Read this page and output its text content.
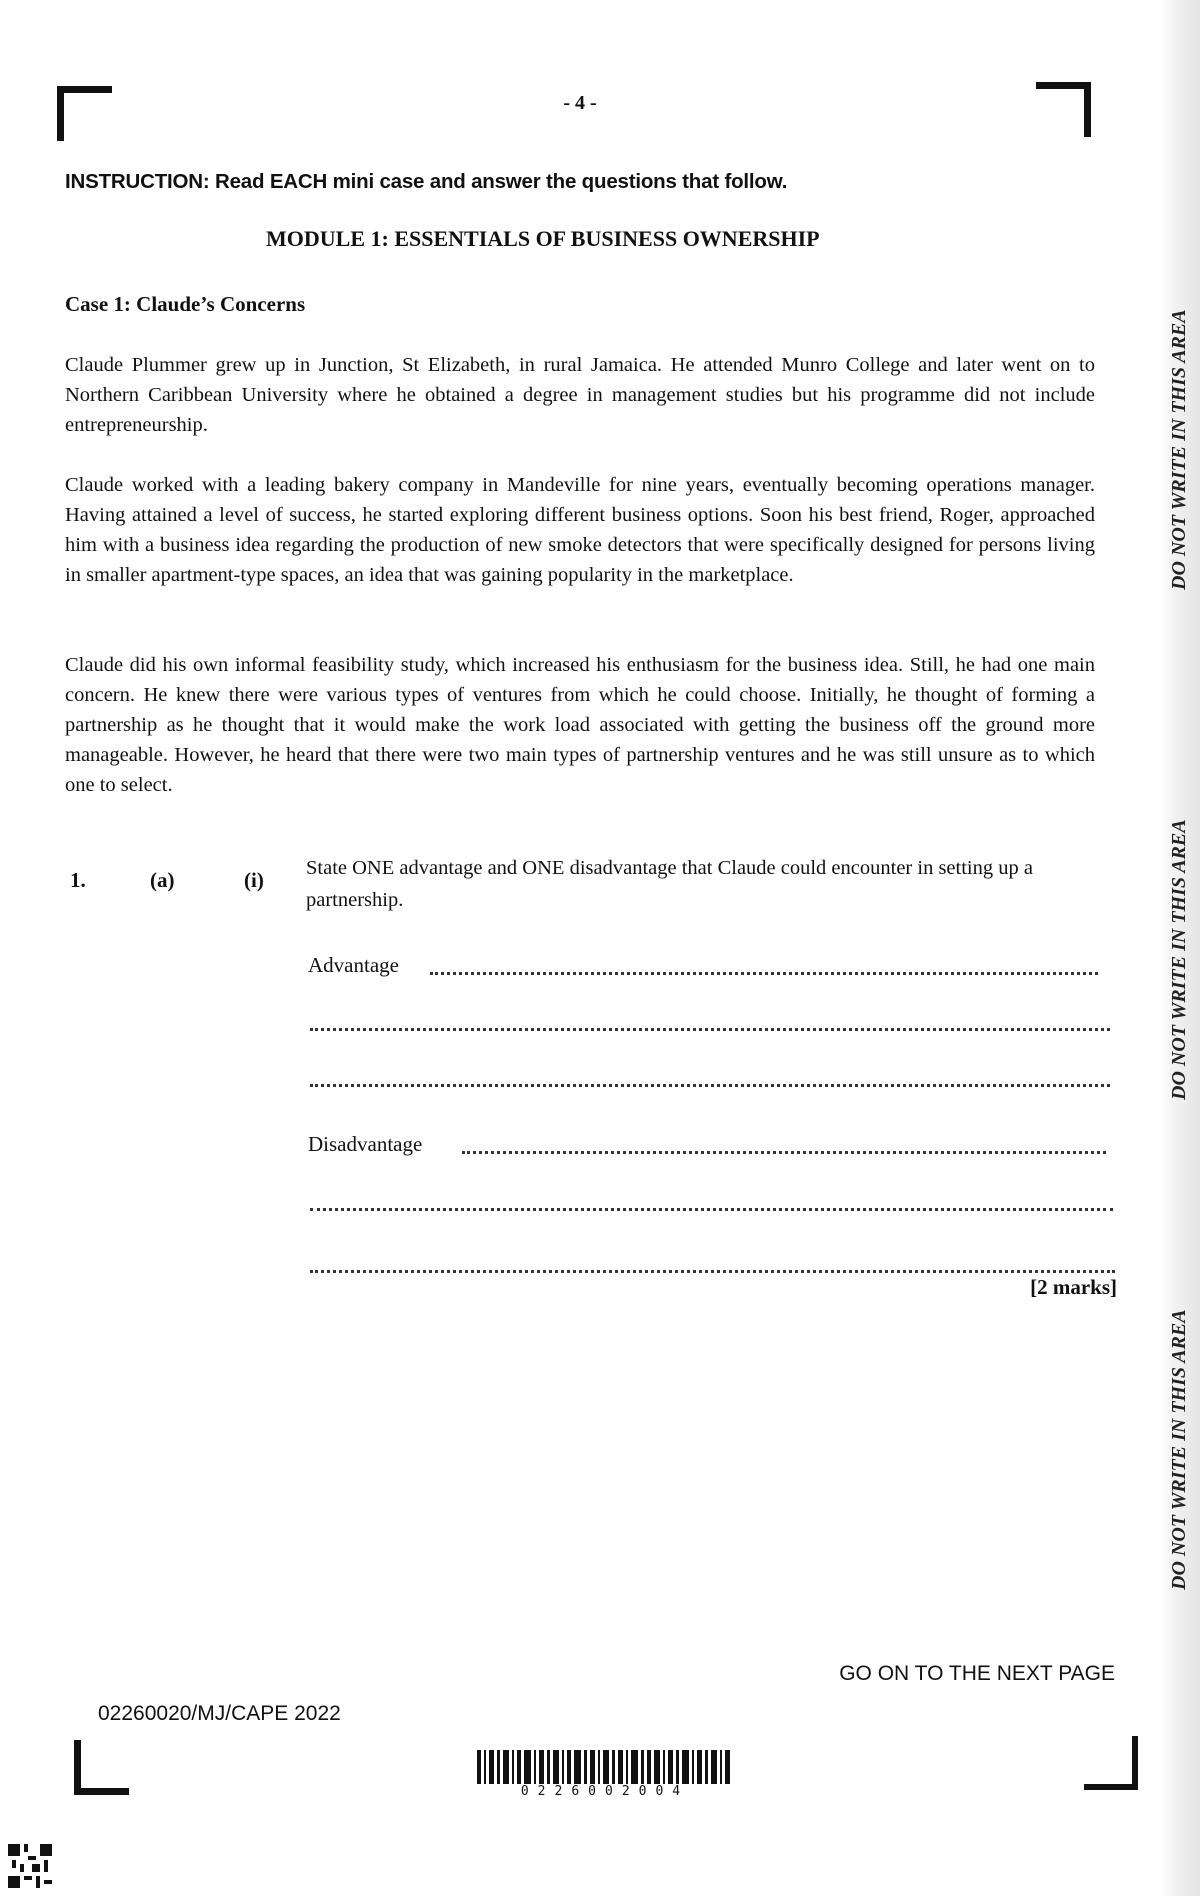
- 4 -
INSTRUCTION: Read EACH mini case and answer the questions that follow.
MODULE 1: ESSENTIALS OF BUSINESS OWNERSHIP
Case 1: Claude’s Concerns
Claude Plummer grew up in Junction, St Elizabeth, in rural Jamaica. He attended Munro College and later went on to Northern Caribbean University where he obtained a degree in management studies but his programme did not include entrepreneurship.
Claude worked with a leading bakery company in Mandeville for nine years, eventually becoming operations manager. Having attained a level of success, he started exploring different business options. Soon his best friend, Roger, approached him with a business idea regarding the production of new smoke detectors that were specifically designed for persons living in smaller apartment-type spaces, an idea that was gaining popularity in the marketplace.
Claude did his own informal feasibility study, which increased his enthusiasm for the business idea. Still, he had one main concern. He knew there were various types of ventures from which he could choose. Initially, he thought of forming a partnership as he thought that it would make the work load associated with getting the business off the ground more manageable. However, he heard that there were two main types of partnership ventures and he was still unsure as to which one to select.
1.	(a)	(i) State ONE advantage and ONE disadvantage that Claude could encounter in setting up a partnership.
Advantage
Disadvantage
[2 marks]
GO ON TO THE NEXT PAGE
02260020/MJ/CAPE 2022
0226002004
DO NOT WRITE IN THIS AREA
DO NOT WRITE IN THIS AREA
DO NOT WRITE IN THIS AREA
